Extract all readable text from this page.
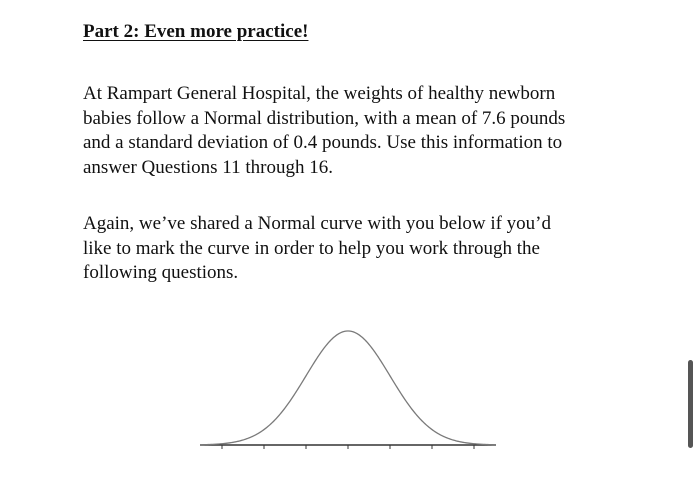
Part 2: Even more practice!

At Rampart General Hospital, the weights of healthy newborn
babies follow a Normal distribution, with a mean of 7.6 pounds
and a standard deviation of 0.4 pounds. Use this information to
answer Questions 11 through 16.

Again, we’ve shared a Normal curve with you below if you’d
like to mark the curve in order to help you work through the
following questions.
